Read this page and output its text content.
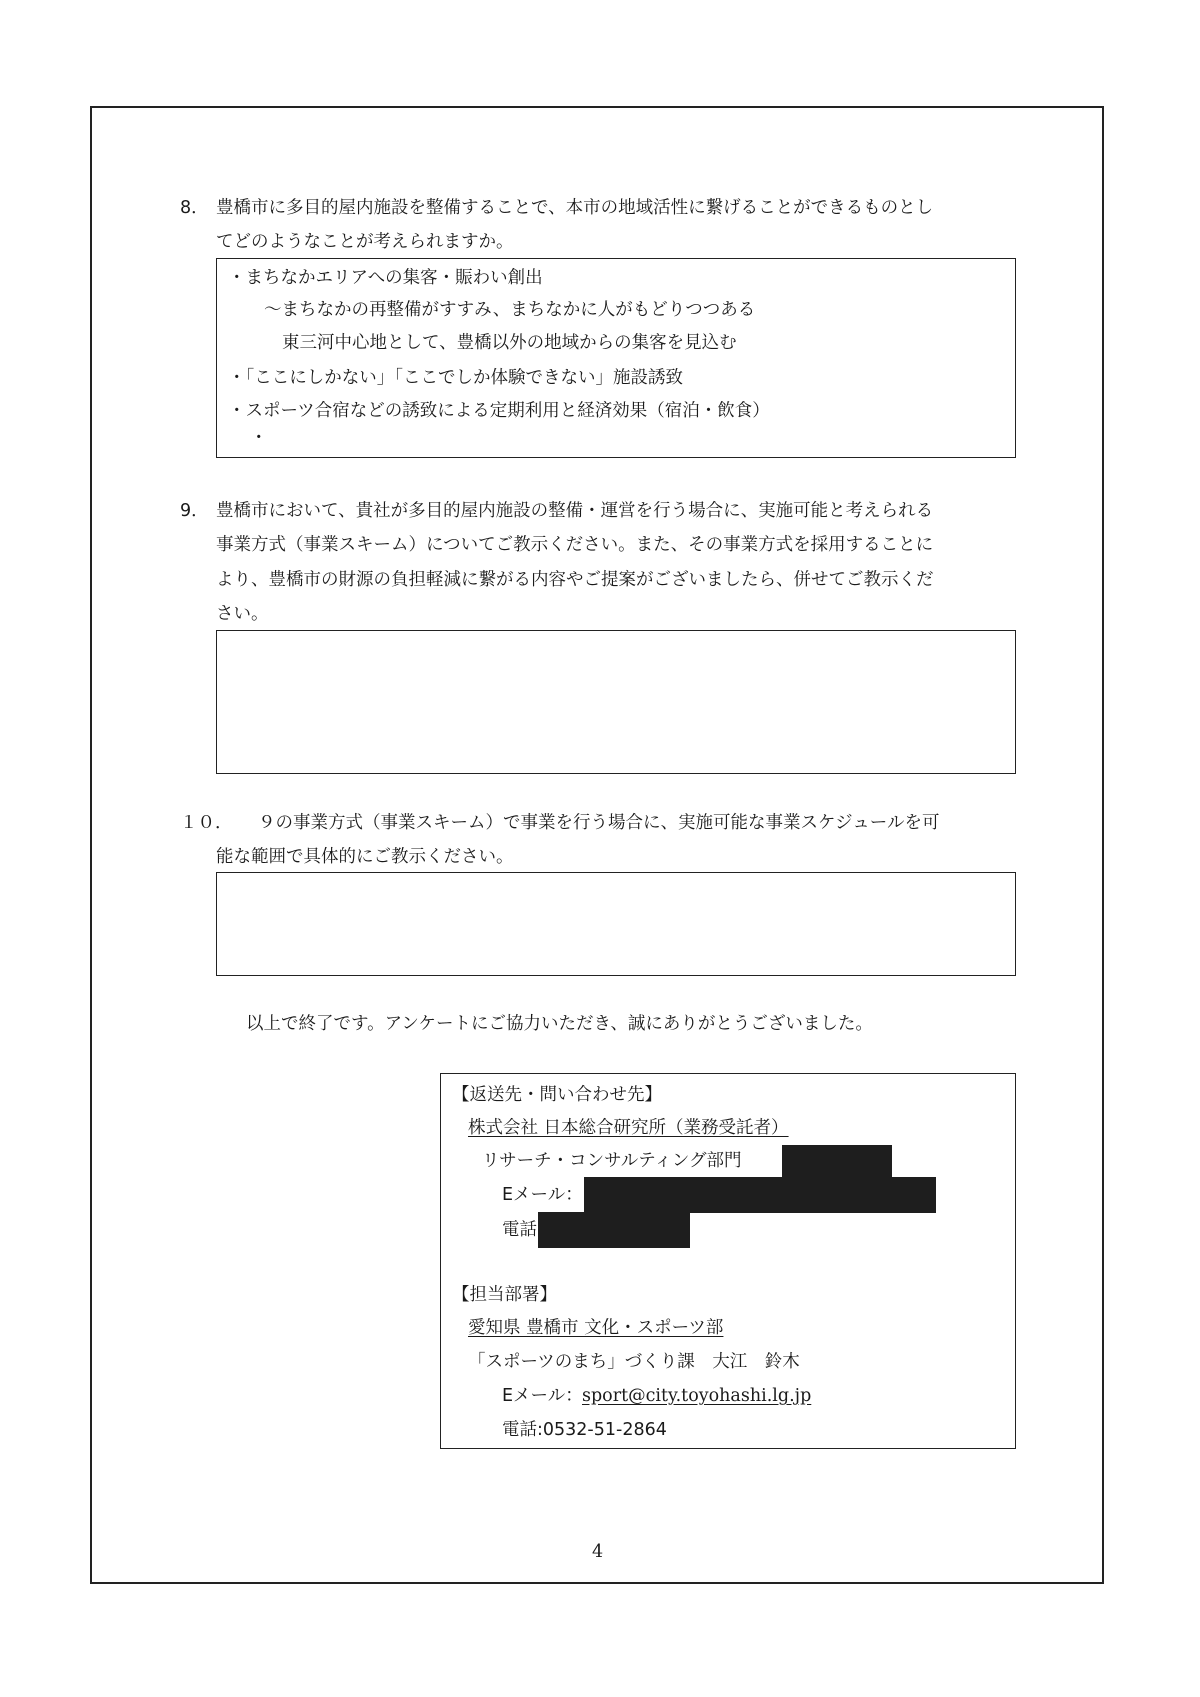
8． 豊橋市に多目的屋内施設を整備することで、本市の地域活性に繋げることができるものとし
てどのようなことが考えられますか。
・まちなかエリアへの集客・賑わい創出
〜まちなかの再整備がすすみ、まちなかに人がもどりつつある
東三河中心地として、豊橋以外の地域からの集客を見込む
・「ここにしかない」「ここでしか体験できない」施設誘致
・スポーツ合宿などの誘致による定期利用と経済効果（宿泊・飲食）
・
9． 豊橋市において、貴社が多目的屋内施設の整備・運営を行う場合に、実施可能と考えられる
事業方式（事業スキーム）についてご教示ください。また、その事業方式を採用することに
より、豊橋市の財源の負担軽減に繋がる内容やご提案がございましたら、併せてご教示くだ
さい。
１０． ９の事業方式（事業スキーム）で事業を行う場合に、実施可能な事業スケジュールを可
能な範囲で具体的にご教示ください。
以上で終了です。アンケートにご協力いただき、誠にありがとうございました。
【返送先・問い合わせ先】
株式会社 日本総合研究所（業務受託者）
リサーチ・コンサルティング部門
Eメール：
電話
【担当部署】
愛知県 豊橋市 文化・スポーツ部
「スポーツのまち」づくり課　大江　鈴木
Eメール： sport@city.toyohashi.lg.jp
電話:0532-51-2864
4
